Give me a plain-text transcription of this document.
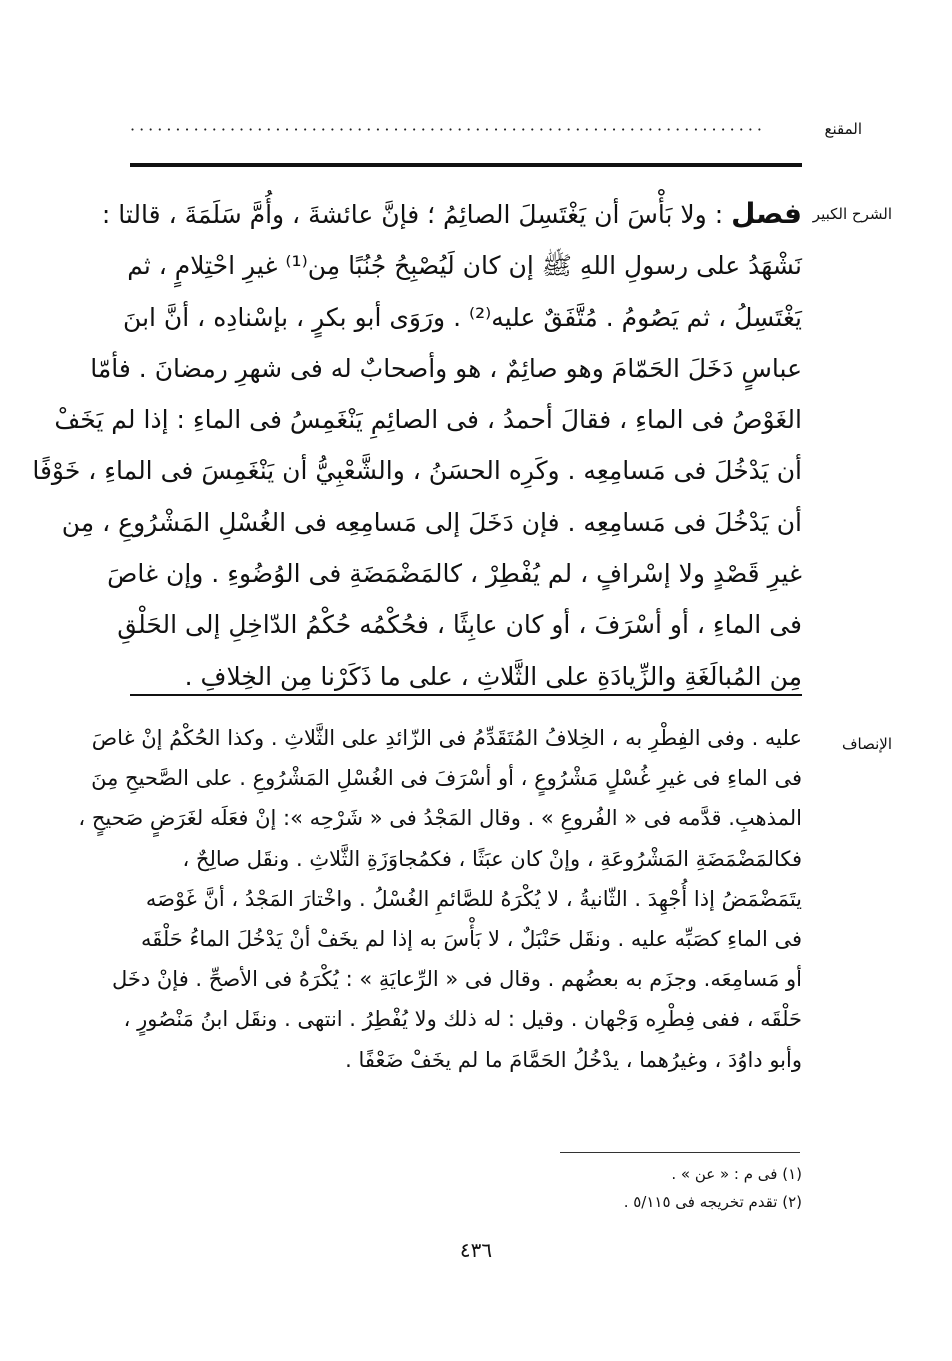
المقنع
······································································
الشرح الكبير
فصل : ولا بَأْسَ أن يَغْتَسِلَ الصائِمُ ؛ فإنَّ عائشةَ ، وأُمَّ سَلَمَةَ ، قالتا :
نَشْهَدُ على رسولِ اللهِ ﷺ إن كان لَيُصْبِحُ جُنُبًا مِن⁽¹⁾ غيرِ احْتِلامٍ ، ثم
يَغْتَسِلُ ، ثم يَصُومُ . مُتَّفَقٌ عليه⁽²⁾ . ورَوَى أبو بكرٍ ، بإسْنادِه ، أنَّ ابنَ
عباسٍ دَخَلَ الحَمّامَ وهو صائِمٌ ، هو وأصحابٌ له فى شهرِ رمضانَ . فأمّا
الغَوْصُ فى الماءِ ، فقالَ أحمدُ ، فى الصائِمِ يَنْغَمِسُ فى الماءِ : إذا لم يَخَفْ
أن يَدْخُلَ فى مَسامِعِه . وكَرِه الحسَنُ ، والشَّعْبِيُّ أن يَنْغَمِسَ فى الماءِ ، خَوْفًا
أن يَدْخُلَ فى مَسامِعِه . فإن دَخَلَ إلى مَسامِعِه فى الغُسْلِ المَشْرُوعِ ، مِن
غيرِ قَصْدٍ ولا إسْرافٍ ، لم يُفْطِرْ ، كالمَضْمَضَةِ فى الوُضُوءِ . وإن غاصَ
فى الماءِ ، أو أسْرَفَ ، أو كان عابِثًا ، فحُكْمُه حُكْمُ الدّاخِلِ إلى الحَلْقِ
مِن المُبالَغَةِ والزِّيادَةِ على الثَّلاثِ ، على ما ذَكَرْنا مِن الخِلافِ .
الإنصاف
عليه . وفى الفِطْرِ به ، الخِلافُ المُتَقَدِّمُ فى الزّائدِ على الثَّلاثِ . وكذا الحُكْمُ إنْ غاصَ
فى الماءِ فى غيرِ غُسْلٍ مَشْرُوعٍ ، أو أسْرَفَ فى الغُسْلِ المَشْرُوعِ . على الصَّحيحِ مِنَ
المذهبِ. قدَّمه فى « الفُروعِ » . وقال المَجْدُ فى « شَرْحِه »: إنْ فعَلَه لغَرَضٍ صَحيحٍ ،
فكالمَضْمَضَةِ المَشْرُوعَةِ ، وإنْ كان عبَثًا ، فكمُجاوَزَةِ الثَّلاثِ . ونقَل صالِحٌ ،
يتَمَضْمَضُ إذا أُجْهِدَ . الثّانيةُ ، لا يُكْرَهُ للصَّائمِ الغُسْلُ . واخْتارَ المَجْدُ ، أنَّ غَوْصَه
فى الماءِ كصَبِّه عليه . ونقَل حَنْبَلٌ ، لا بَأْسَ به إذا لم يخَفْ أنْ يَدْخُلَ الماءُ حَلْقَه
أو مَسامِعَه. وجزَم به بعضُهم . وقال فى « الرِّعايَةِ » : يُكْرَهُ فى الأصحِّ . فإنْ دخَل
حَلْقَه ، ففى فِطْرِه وَجْهان . وقيل : له ذلك ولا يُفْطِرُ . انتهى . ونقَل ابنُ مَنْصُورٍ ،
وأبو داوُدَ ، وغيرُهما ، يدْخُلُ الحَمَّامَ ما لم يخَفْ ضَعْفًا .
(١) فى م : « عن » .
(٢) تقدم تخريجه فى ٥/١١٥ .
٤٣٦
